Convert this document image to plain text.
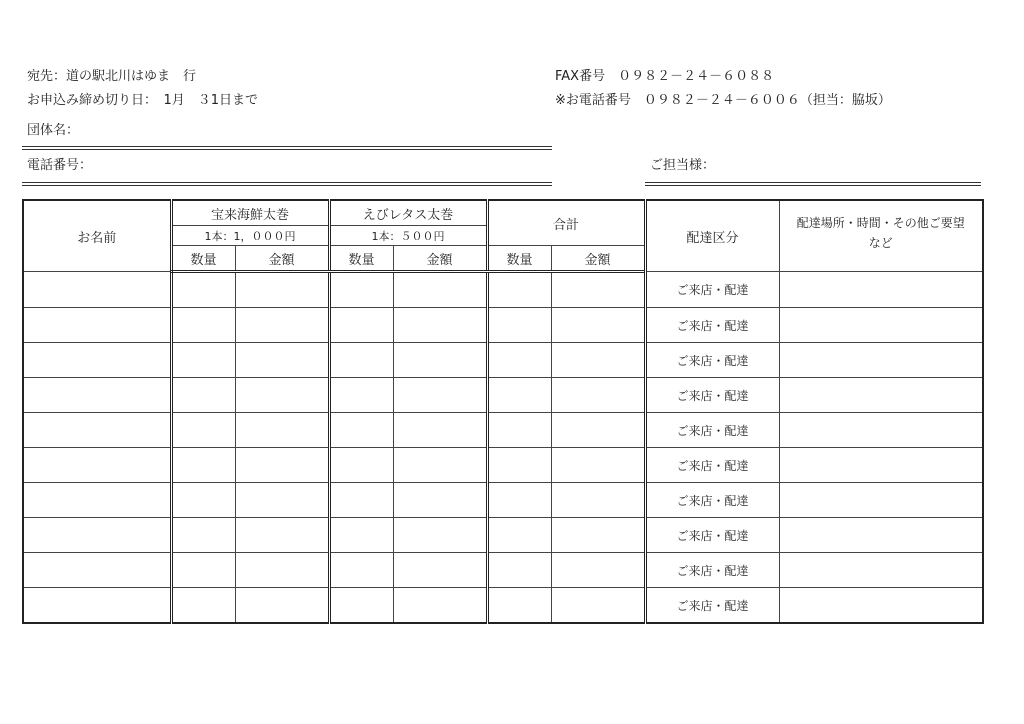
宛先：道の駅北川はゆま　行
お申込み締め切り日：　1月　３1日まで
FAX番号　０９８２－２４－６０８８
※お電話番号　０９８２－２４－６００６（担当：脇坂）
団体名：
電話番号：	ご担当様：
お名前	宝来海鮮太巻		えびレタス太巻		合計		配達区分	配達場所・時間・その他ご要望
など
	1本：1，０００円		1本：５００円					
	数量	金額	数量	金額	数量	金額		
							ご来店・配達	
							ご来店・配達	
							ご来店・配達	
							ご来店・配達	
							ご来店・配達	
							ご来店・配達	
							ご来店・配達	
							ご来店・配達	
							ご来店・配達	
							ご来店・配達	
